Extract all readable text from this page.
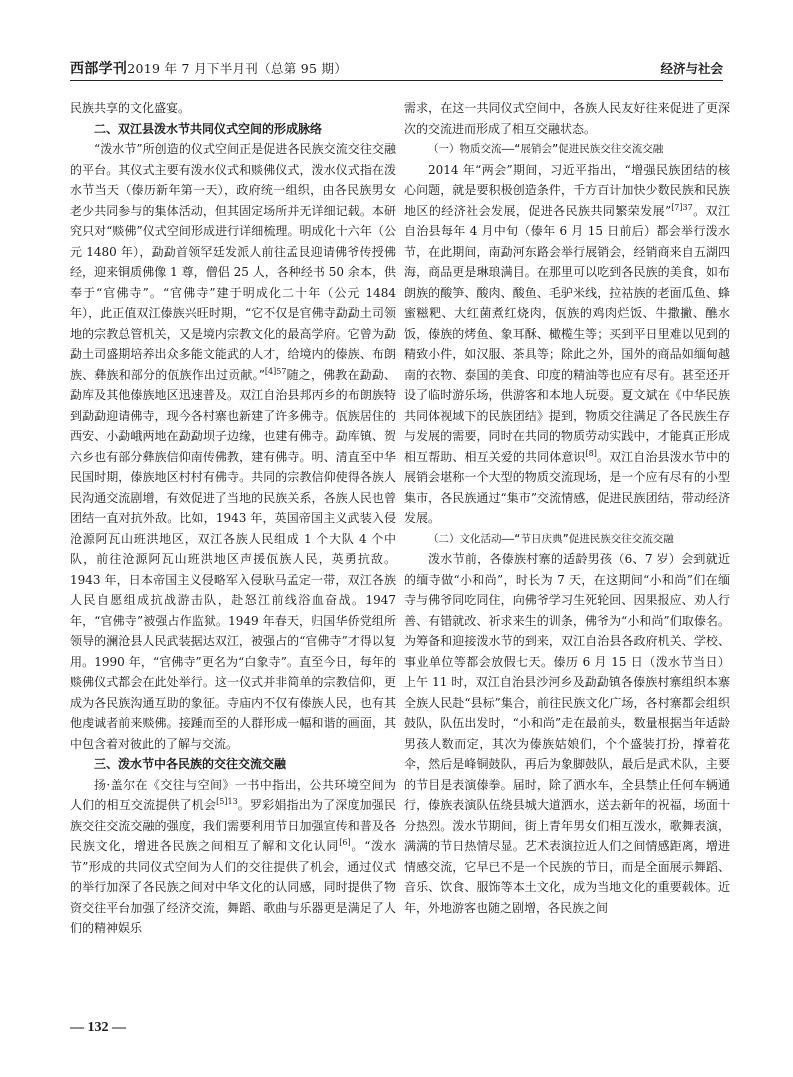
西部学刊2019 年 7 月下半月刊（总第 95 期）	经济与社会

民族共享的文化盛宴。

二、双江县泼水节共同仪式空间的形成脉络

“泼水节”所创造的仪式空间正是促进各民族交流交往交融的平台。其仪式主要有泼水仪式和赕佛仪式，泼水仪式指在泼水节当天（傣历新年第一天），政府统一组织，由各民族男女老少共同参与的集体活动，但其固定场所并无详细记载。本研究只对“赕佛”仪式空间形成进行详细梳理。明成化十六年（公元 1480 年），勐勐首领罕廷发派人前往孟艮迎请佛爷传授佛经，迎来铜质佛像 1 尊，僧侣 25 人，各种经书 50 余本，供奉于“官佛寺”。“官佛寺”建于明成化二十年（公元 1484 年），此正值双江傣族兴旺时期，“它不仅是官佛寺勐勐土司领地的宗教总管机关，又是境内宗教文化的最高学府。它曾为勐勐土司盛期培养出众多能文能武的人才，给境内的傣族、布朗族、彝族和部分的佤族作出过贡献。”$^{[4]57}$随之，佛教在勐勐、勐库及其他傣族地区迅速普及。双江自治县邦丙乡的布朗族特到勐勐迎请佛寺，现今各村寨也新建了许多佛寺。佤族居住的西安、小勐峨两地在勐勐坝子边缘，也建有佛寺。勐库镇、贺六乡也有部分彝族信仰南传佛教，建有佛寺。明、清直至中华民国时期，傣族地区村村有佛寺。共同的宗教信仰使得各族人民沟通交流剧增，有效促进了当地的民族关系，各族人民也曾团结一直对抗外敌。比如，1943 年，英国帝国主义武装入侵沧源阿瓦山班洪地区，双江各族人民组成 1 个大队 4 个中队，前往沧源阿瓦山班洪地区声援佤族人民，英勇抗敌。1943 年，日本帝国主义侵略军入侵耿马孟定一带，双江各族人民自愿组成抗战游击队，赴怒江前线浴血奋战。1947 年，“官佛寺”被强占作监狱。1949 年春天，归国华侨党组所领导的澜沧县人民武装据达双江，被强占的“官佛寺”才得以复用。1990 年，“官佛寺”更名为“白象寺”。直至今日，每年的赕佛仪式都会在此处举行。这一仪式并非简单的宗教信仰，更成为各民族沟通互助的象征。寺庙内不仅有傣族人民，也有其他虔诚者前来赕佛。接踵而至的人群形成一幅和谐的画面，其中包含着对彼此的了解与交流。

三、泼水节中各民族的交往交流交融

扬·盖尔在《交往与空间》一书中指出，公共环境空间为人们的相互交流提供了机会$^{[5]13}$。罗彩娟指出为了深度加强民族交往交流交融的强度，我们需要利用节日加强宣传和普及各民族文化，增进各民族之间相互了解和文化认同[6]。“泼水节”形成的共同仪式空间为人们的交往提供了机会，通过仪式的举行加深了各民族之间对中华文化的认同感，同时提供了物资交往平台加强了经济交流，舞蹈、歌曲与乐器更是满足了人们的精神娱乐

需求，在这一共同仪式空间中，各族人民友好往来促进了更深次的交流进而形成了相互交融状态。

（一）物质交流——“展销会”促进民族交往交流交融

2014 年“两会”期间，习近平指出，“增强民族团结的核心问题，就是要积极创造条件，千方百计加快少数民族和民族地区的经济社会发展，促进各民族共同繁荣发展”$^{[7]37}$。双江自治县每年 4 月中旬（傣年 6 月 15 日前后）都会举行泼水节，在此期间，南勐河东路会举行展销会，经销商来自五湖四海，商品更是琳琅满目。在那里可以吃到各民族的美食，如布朗族的酸笋、酸肉、酸鱼、毛驴米线，拉祜族的老面瓜鱼、蜂蜜糍粑、大红菌煮红烧肉，佤族的鸡肉烂饭、牛撒撇、醮水饭，傣族的烤鱼、象耳酥、橄榄生等；买到平日里难以见到的精致小件，如汉服、茶具等；除此之外，国外的商品如缅甸越南的衣物、泰国的美食、印度的精油等也应有尽有。甚至还开设了临时游乐场，供游客和本地人玩耍。夏文斌在《中华民族共同体视域下的民族团结》提到，物质交往满足了各民族生存与发展的需要，同时在共同的物质劳动实践中，才能真正形成相互帮助、相互关爱的共同体意识[8]。双江自治县泼水节中的展销会堪称一个大型的物质交流现场，是一个应有尽有的小型集市，各民族通过“集市”交流情感，促进民族团结，带动经济发展。

（二）文化活动——“节日庆典”促进民族交往交流交融

泼水节前，各傣族村寨的适龄男孩（6、7 岁）会到就近的缅寺做“小和尚”，时长为 7 天，在这期间“小和尚”们在缅寺与佛爷同吃同住，向佛爷学习生死轮回、因果报应、劝人行善、有错就改、祈求来生的训条，佛爷为“小和尚”们取傣名。为筹备和迎接泼水节的到来，双江自治县各政府机关、学校、事业单位等都会放假七天。傣历 6 月 15 日（泼水节当日）上午 11 时，双江自治县沙河乡及勐勐镇各傣族村寨组织本寨全族人民赴“县标”集合，前往民族文化广场，各村寨都会组织鼓队，队伍出发时，“小和尚”走在最前头，数量根据当年适龄男孩人数而定，其次为傣族姑娘们，个个盛装打扮，撑着花伞，然后是峰铜鼓队，再后为象脚鼓队，最后是武术队，主要的节目是表演傣拳。届时，除了洒水车，全县禁止任何车辆通行，傣族表演队伍绕县城大道洒水，送去新年的祝福，场面十分热烈。泼水节期间，街上青年男女们相互泼水，歌舞表演，满满的节日热情尽显。艺术表演拉近人们之间情感距离，增进情感交流，它早已不是一个民族的节日，而是全面展示舞蹈、音乐、饮食、服饰等本土文化，成为当地文化的重要载体。近年，外地游客也随之剧增，各民族之间

— 132 —
